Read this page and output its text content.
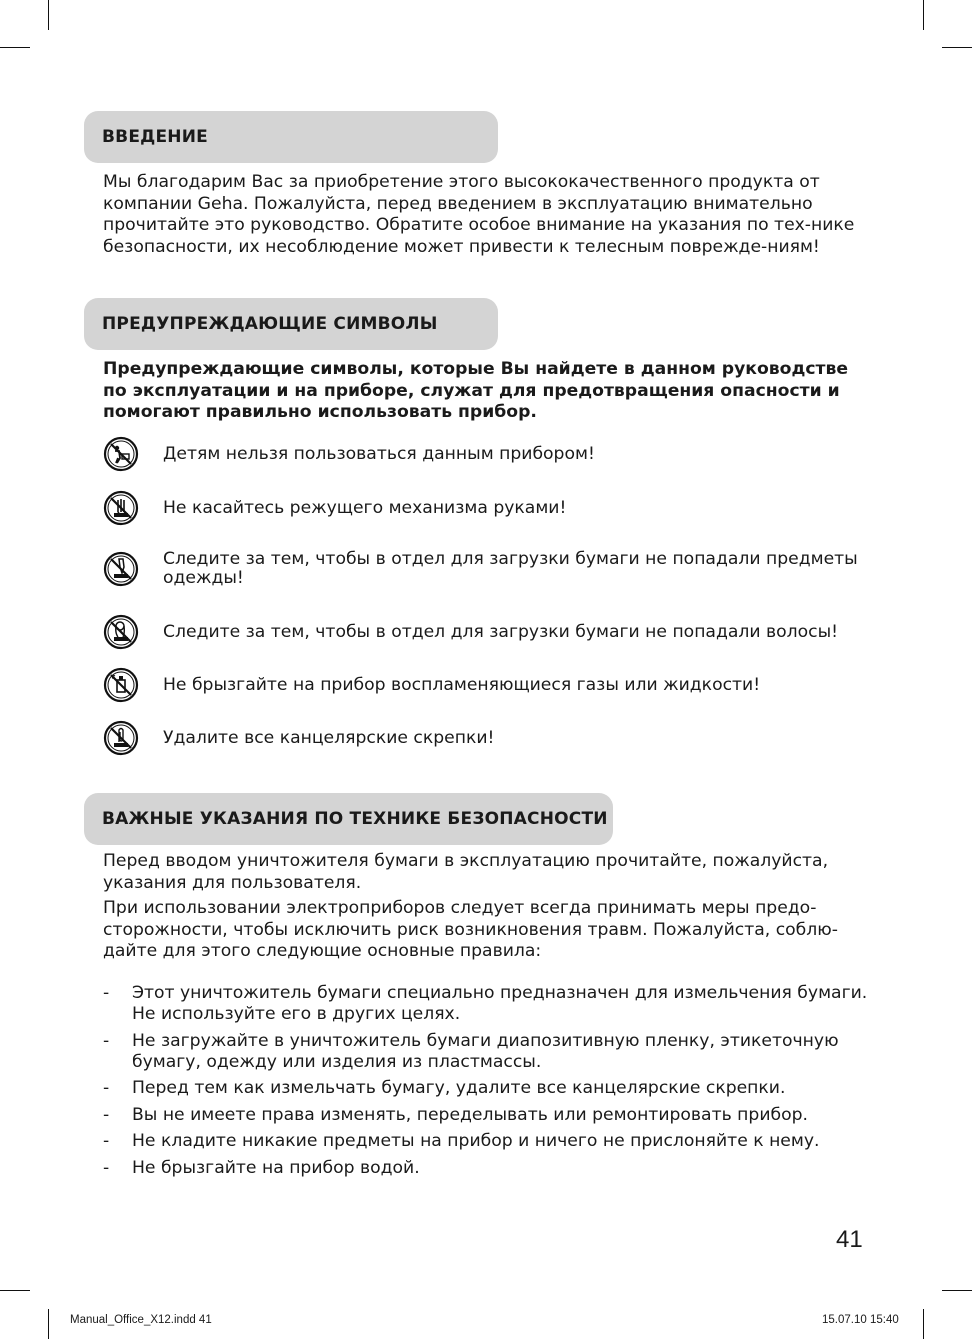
ВВЕДЕНИЕ

Мы благодарим Вас за приобретение этого высококачественного продукта от компании Geha. Пожалуйста, перед введением в эксплуатацию внимательно прочитайте это руководство. Обратите особое внимание на указания по тех-нике безопасности, их несоблюдение может привести к телесным поврежде-ниям!

ПРЕДУПРЕЖДАЮЩИЕ СИМВОЛЫ

Предупреждающие символы, которые Вы найдете в данном руководстве по эксплуатации и на приборе, служат для предотвращения опасности и помогают правильно использовать прибор.

Детям нельзя пользоваться данным прибором!
Не касайтесь режущего механизма руками!
Следите за тем, чтобы в отдел для загрузки бумаги не попадали предметы одежды!
Следите за тем, чтобы в отдел для загрузки бумаги не попадали волосы!
Не брызгайте на прибор воспламеняющиеся газы или жидкости!
Удалите все канцелярские скрепки!
ВАЖНЫЕ УКАЗАНИЯ ПО ТЕХНИКЕ БЕЗОПАСНОСТИ

Перед вводом уничтожителя бумаги в эксплуатацию прочитайте, пожалуйста, указания для пользователя.

При использовании электроприборов следует всегда принимать меры предо-сторожности, чтобы исключить риск возникновения травм. Пожалуйста, соблю-дайте для этого следующие основные правила:

-	Этот уничтожитель бумаги специально предназначен для измельчения бумаги. Не используйте его в других целях.
-	Не загружайте в уничтожитель бумаги диапозитивную пленку, этикеточную бумагу, одежду или изделия из пластмассы.
-	Перед тем как измельчать бумагу, удалите все канцелярские скрепки.
-	Вы не имеете права изменять, переделывать или ремонтировать прибор.
-	Не кладите никакие предметы на прибор и ничего не прислоняйте к нему.
-	Не брызгайте на прибор водой.
41
Manual_Office_X12.indd 41	15.07.10 15:40
